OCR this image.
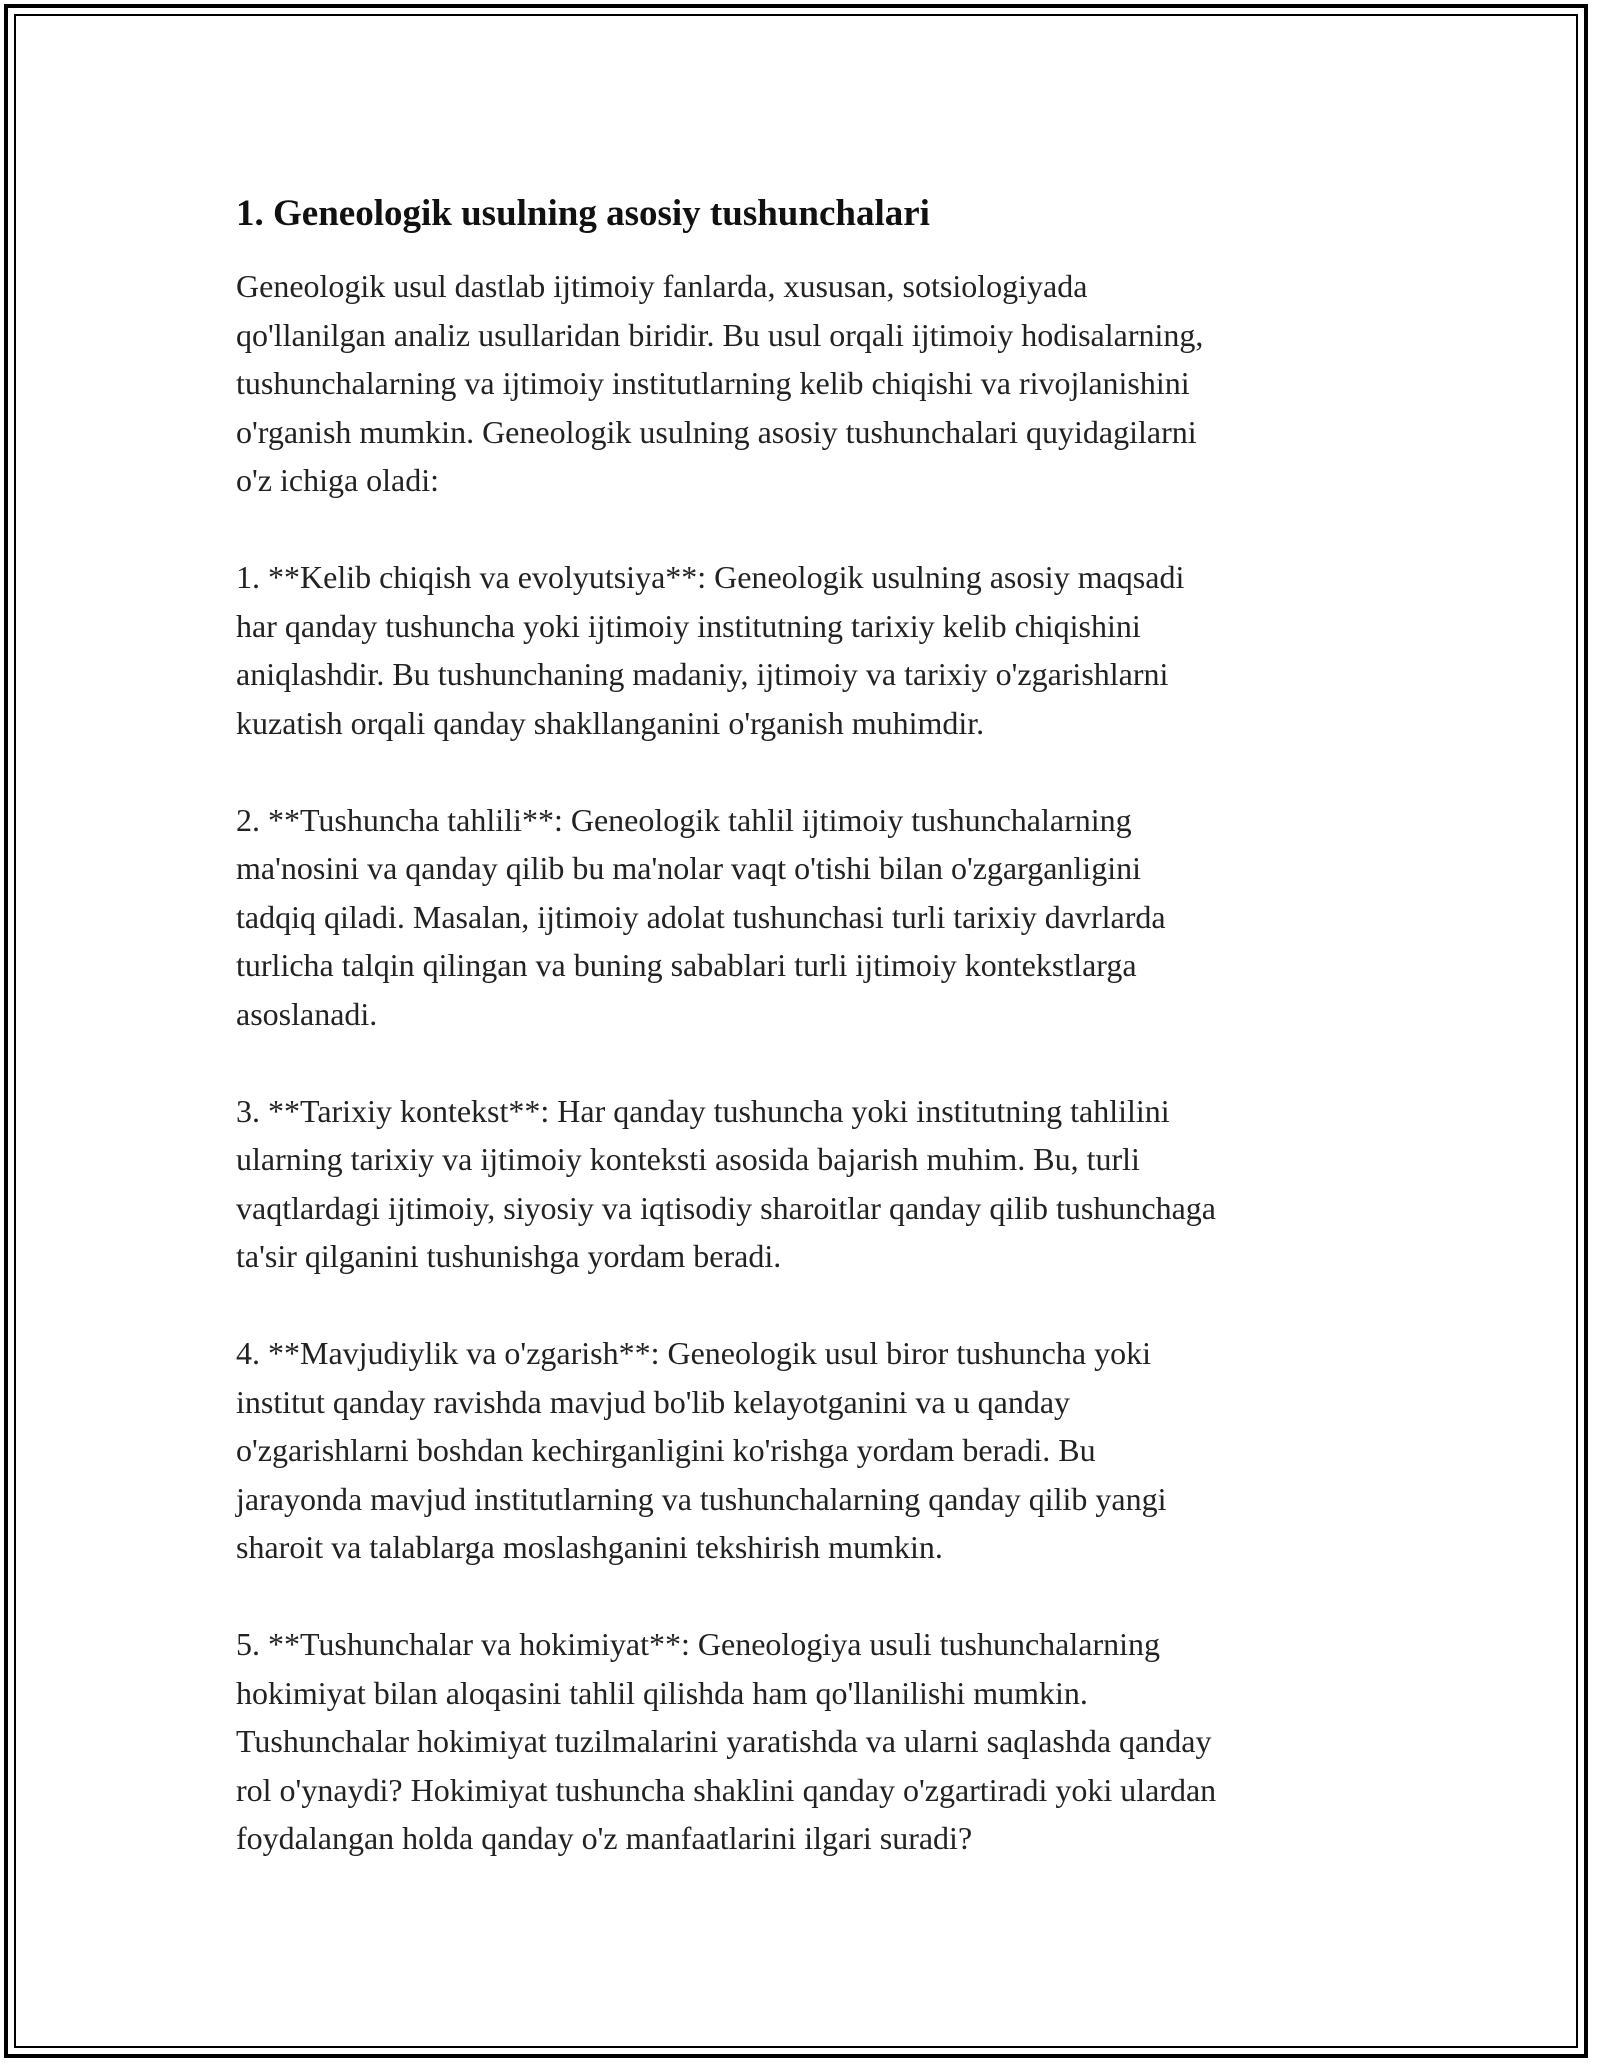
1. Geneologik usulning asosiy tushunchalari

Geneologik usul dastlab ijtimoiy fanlarda, xususan, sotsiologiyada
qo'llanilgan analiz usullaridan biridir. Bu usul orqali ijtimoiy hodisalarning,
tushunchalarning va ijtimoiy institutlarning kelib chiqishi va rivojlanishini
o'rganish mumkin. Geneologik usulning asosiy tushunchalari quyidagilarni
o'z ichiga oladi:

1. **Kelib chiqish va evolyutsiya**: Geneologik usulning asosiy maqsadi
har qanday tushuncha yoki ijtimoiy institutning tarixiy kelib chiqishini
aniqlashdir. Bu tushunchaning madaniy, ijtimoiy va tarixiy o'zgarishlarni
kuzatish orqali qanday shakllanganini o'rganish muhimdir.

2. **Tushuncha tahlili**: Geneologik tahlil ijtimoiy tushunchalarning
ma'nosini va qanday qilib bu ma'nolar vaqt o'tishi bilan o'zgarganligini
tadqiq qiladi. Masalan, ijtimoiy adolat tushunchasi turli tarixiy davrlarda
turlicha talqin qilingan va buning sabablari turli ijtimoiy kontekstlarga
asoslanadi.

3. **Tarixiy kontekst**: Har qanday tushuncha yoki institutning tahlilini
ularning tarixiy va ijtimoiy konteksti asosida bajarish muhim. Bu, turli
vaqtlardagi ijtimoiy, siyosiy va iqtisodiy sharoitlar qanday qilib tushunchaga
ta'sir qilganini tushunishga yordam beradi.

4. **Mavjudiylik va o'zgarish**: Geneologik usul biror tushuncha yoki
institut qanday ravishda mavjud bo'lib kelayotganini va u qanday
o'zgarishlarni boshdan kechirganligini ko'rishga yordam beradi. Bu
jarayonda mavjud institutlarning va tushunchalarning qanday qilib yangi
sharoit va talablarga moslashganini tekshirish mumkin.

5. **Tushunchalar va hokimiyat**: Geneologiya usuli tushunchalarning
hokimiyat bilan aloqasini tahlil qilishda ham qo'llanilishi mumkin.
Tushunchalar hokimiyat tuzilmalarini yaratishda va ularni saqlashda qanday
rol o'ynaydi? Hokimiyat tushuncha shaklini qanday o'zgartiradi yoki ulardan
foydalangan holda qanday o'z manfaatlarini ilgari suradi?
